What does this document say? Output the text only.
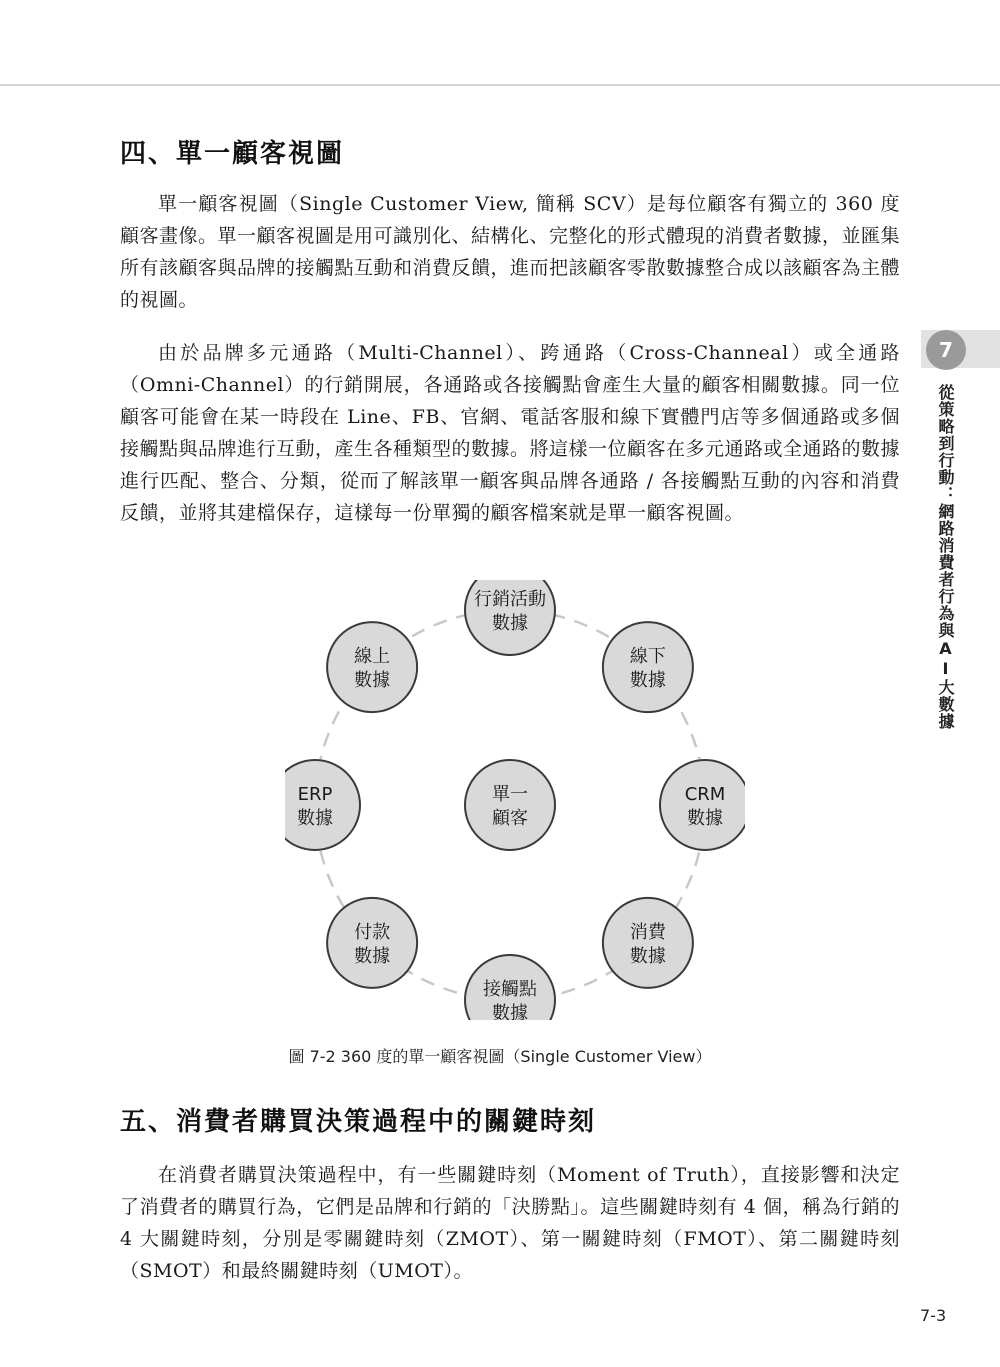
四、單一顧客視圖

單一顧客視圖（Single Customer View, 簡稱 SCV）是每位顧客有獨立的 360 度顧客畫像。單一顧客視圖是用可識別化、結構化、完整化的形式體現的消費者數據，並匯集所有該顧客與品牌的接觸點互動和消費反饋，進而把該顧客零散數據整合成以該顧客為主體的視圖。

由於品牌多元通路（Multi-Channel）、跨通路（Cross-Channeal）或全通路（Omni-Channel）的行銷開展，各通路或各接觸點會產生大量的顧客相關數據。同一位顧客可能會在某一時段在 Line、FB、官網、電話客服和線下實體門店等多個通路或多個接觸點與品牌進行互動，產生各種類型的數據。將這樣一位顧客在多元通路或全通路的數據進行匹配、整合、分類，從而了解該單一顧客與品牌各通路 / 各接觸點互動的內容和消費反饋，並將其建檔保存，這樣每一份單獨的顧客檔案就是單一顧客視圖。

7

從策略到行動：網路消費者行為與AI大數據

行銷活動
數據
線下
數據
CRM
數據
消費
數據
接觸點
數據
付款
數據
ERP
數據
線上
數據
單一
顧客

圖 7-2 360 度的單一顧客視圖（Single Customer View）

五、消費者購買決策過程中的關鍵時刻

在消費者購買決策過程中，有一些關鍵時刻（Moment of Truth），直接影響和決定了消費者的購買行為，它們是品牌和行銷的「決勝點」。這些關鍵時刻有 4 個，稱為行銷的 4 大關鍵時刻，分別是零關鍵時刻（ZMOT）、第一關鍵時刻（FMOT）、第二關鍵時刻（SMOT）和最終關鍵時刻（UMOT）。

7-3
